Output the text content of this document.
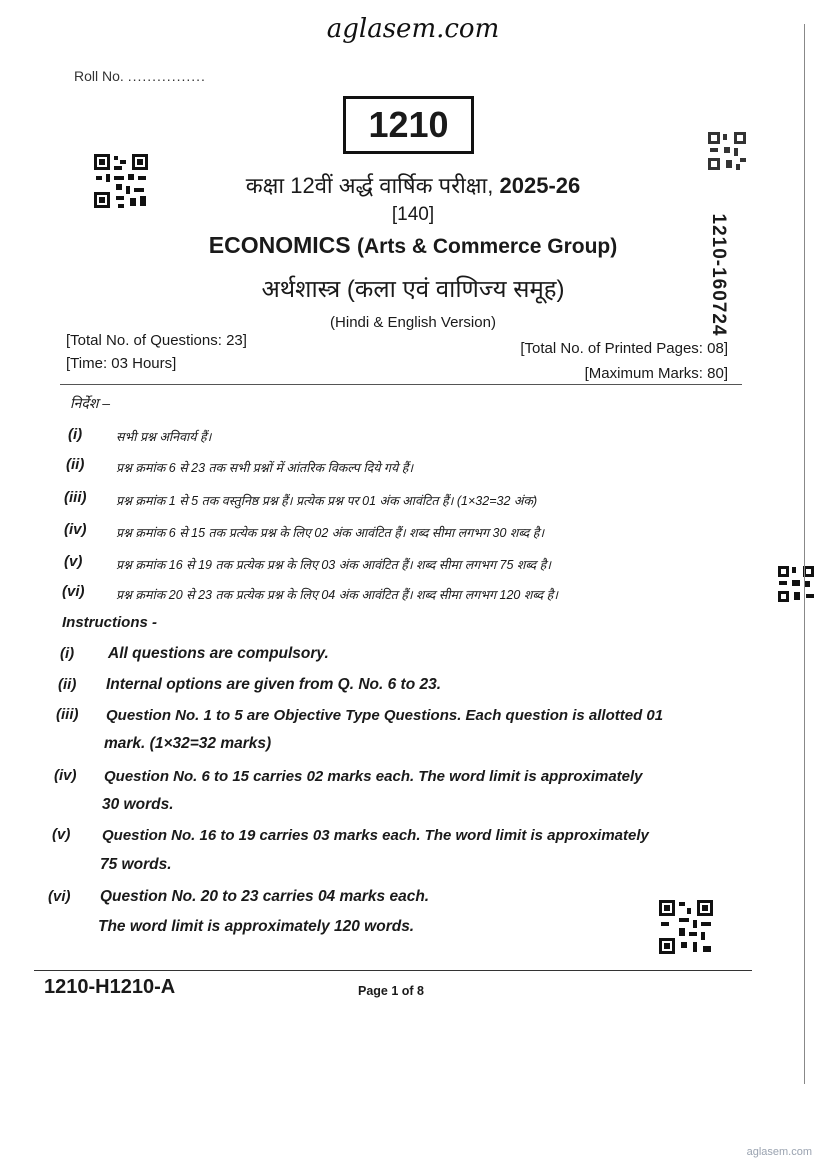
aglasem.com
Roll No. ................
1210
1210-160724
कक्षा 12वीं अर्द्ध वार्षिक परीक्षा, 2025-26
[140]
ECONOMICS (Arts & Commerce Group)
अर्थशास्त्र (कला एवं वाणिज्य समूह)
(Hindi & English Version)
[Total No. of Questions: 23]
[Time: 03 Hours]
[Total No. of Printed Pages: 08]
[Maximum Marks: 80]
निर्देश –
(i)	सभी प्रश्न अनिवार्य हैं।
(ii)	प्रश्न क्रमांक 6 से 23 तक सभी प्रश्नों में आंतरिक विकल्प दिये गये हैं।
(iii) प्रश्न क्रमांक 1 से 5 तक वस्तुनिष्ठ प्रश्न हैं। प्रत्येक प्रश्न पर 01 अंक आवंटित हैं। (1×32=32 अंक)
(iv) प्रश्न क्रमांक 6 से 15 तक प्रत्येक प्रश्न के लिए 02 अंक आवंटित हैं। शब्द सीमा लगभग 30 शब्द है।
(v)	प्रश्न क्रमांक 16 से 19 तक प्रत्येक प्रश्न के लिए 03 अंक आवंटित हैं। शब्द सीमा लगभग 75 शब्द है।
(vi)	प्रश्न क्रमांक 20 से 23 तक प्रत्येक प्रश्न के लिए 04 अंक आवंटित हैं। शब्द सीमा लगभग 120 शब्द है।
Instructions -
(i) All questions are compulsory.
(ii) Internal options are given from Q. No. 6 to 23.
(iii) Question No. 1 to 5 are Objective Type Questions. Each question is allotted 01
mark. (1×32=32 marks)
(iv) Question No. 6 to 15 carries 02 marks each. The word limit is approximately
30 words.
(v) Question No. 16 to 19 carries 03 marks each. The word limit is approximately
75 words.
(vi) Question No. 20 to 23 carries 04 marks each.
The word limit is approximately 120 words.
1210-H1210-A	Page 1 of 8
aglasem.com
